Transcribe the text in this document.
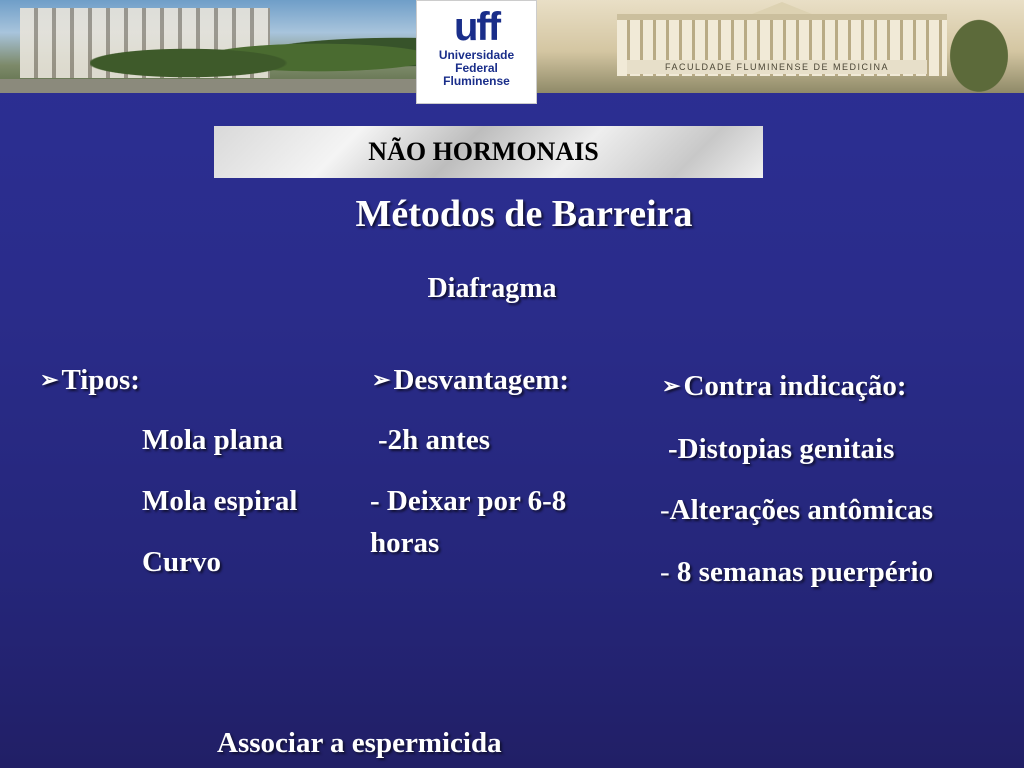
FACULDADE FLUMINENSE DE MEDICINA
uff
Universidade
Federal
Fluminense
NÃO HORMONAIS
Métodos de Barreira
Diafragma
➢ Tipos:
Mola plana
Mola espiral
Curvo
➢ Desvantagem:
-2h antes
- Deixar por 6-8
horas
➢ Contra indicação:
-Distopias genitais
-Alterações antômicas
- 8 semanas puerpério
Associar a espermicida
